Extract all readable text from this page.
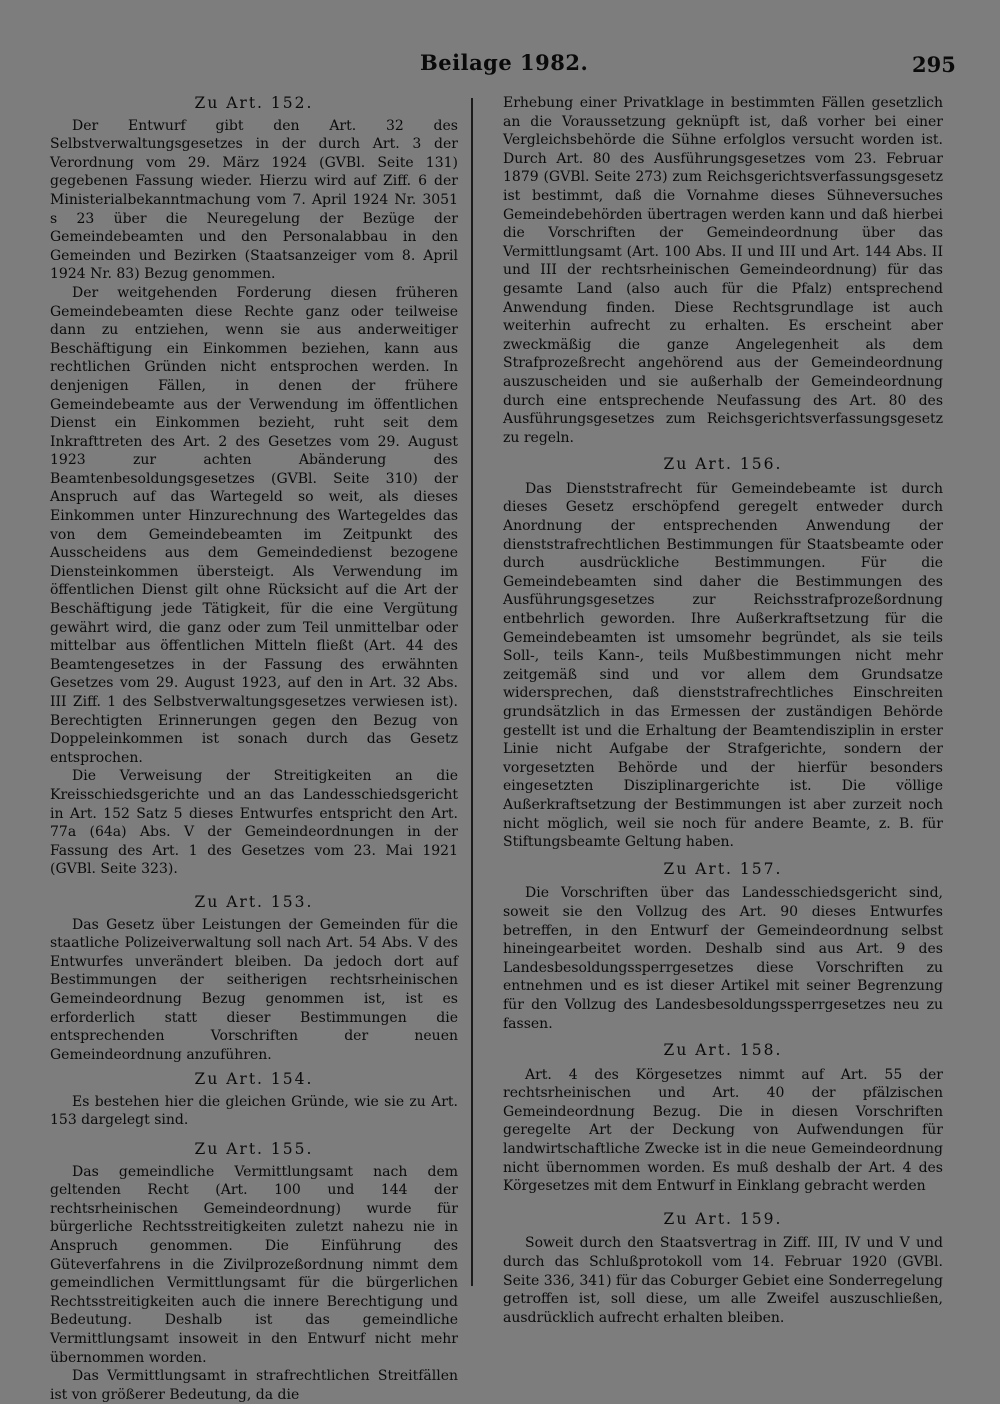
Beilage 1982.	295
Zu Art. 152.

Der Entwurf gibt den Art. 32 des Selbstverwaltungsgesetzes in der durch Art. 3 der Verordnung vom 29. März 1924 (GVBl. Seite 131) gegebenen Fassung wieder. Hierzu wird auf Ziff. 6 der Ministerialbekanntmachung vom 7. April 1924 Nr. 3051 s 23 über die Neuregelung der Bezüge der Gemeindebeamten und den Personalabbau in den Gemeinden und Bezirken (Staatsanzeiger vom 8. April 1924 Nr. 83) Bezug genommen.

Der weitgehenden Forderung diesen früheren Gemeindebeamten diese Rechte ganz oder teilweise dann zu entziehen, wenn sie aus anderweitiger Beschäftigung ein Einkommen beziehen, kann aus rechtlichen Gründen nicht entsprochen werden. In denjenigen Fällen, in denen der frühere Gemeindebeamte aus der Verwendung im öffentlichen Dienst ein Einkommen bezieht, ruht seit dem Inkrafttreten des Art. 2 des Gesetzes vom 29. August 1923 zur achten Abänderung des Beamtenbesoldungsgesetzes (GVBl. Seite 310) der Anspruch auf das Wartegeld so weit, als dieses Einkommen unter Hinzurechnung des Wartegeldes das von dem Gemeindebeamten im Zeitpunkt des Ausscheidens aus dem Gemeindedienst bezogene Diensteinkommen übersteigt. Als Verwendung im öffentlichen Dienst gilt ohne Rücksicht auf die Art der Beschäftigung jede Tätigkeit, für die eine Vergütung gewährt wird, die ganz oder zum Teil unmittelbar oder mittelbar aus öffentlichen Mitteln fließt (Art. 44 des Beamtengesetzes in der Fassung des erwähnten Gesetzes vom 29. August 1923, auf den in Art. 32 Abs. III Ziff. 1 des Selbstverwaltungsgesetzes verwiesen ist). Berechtigten Erinnerungen gegen den Bezug von Doppeleinkommen ist sonach durch das Gesetz entsprochen.

Die Verweisung der Streitigkeiten an die Kreisschiedsgerichte und an das Landesschiedsgericht in Art. 152 Satz 5 dieses Entwurfes entspricht den Art. 77a (64a) Abs. V der Gemeindeordnungen in der Fassung des Art. 1 des Gesetzes vom 23. Mai 1921 (GVBl. Seite 323).

Zu Art. 153.

Das Gesetz über Leistungen der Gemeinden für die staatliche Polizeiverwaltung soll nach Art. 54 Abs. V des Entwurfes unverändert bleiben. Da jedoch dort auf Bestimmungen der seitherigen rechtsrheinischen Gemeindeordnung Bezug genommen ist, ist es erforderlich statt dieser Bestimmungen die entsprechenden Vorschriften der neuen Gemeindeordnung anzuführen.

Zu Art. 154.

Es bestehen hier die gleichen Gründe, wie sie zu Art. 153 dargelegt sind.

Zu Art. 155.

Das gemeindliche Vermittlungsamt nach dem geltenden Recht (Art. 100 und 144 der rechtsrheinischen Gemeindeordnung) wurde für bürgerliche Rechtsstreitigkeiten zuletzt nahezu nie in Anspruch genommen. Die Einführung des Güteverfahrens in die Zivilprozeßordnung nimmt dem gemeindlichen Vermittlungsamt für die bürgerlichen Rechtsstreitigkeiten auch die innere Berechtigung und Bedeutung. Deshalb ist das gemeindliche Vermittlungsamt insoweit in den Entwurf nicht mehr übernommen worden.

Das Vermittlungsamt in strafrechtlichen Streitfällen ist von größerer Bedeutung, da die

Erhebung einer Privatklage in bestimmten Fällen gesetzlich an die Voraussetzung geknüpft ist, daß vorher bei einer Vergleichsbehörde die Sühne erfolglos versucht worden ist. Durch Art. 80 des Ausführungsgesetzes vom 23. Februar 1879 (GVBl. Seite 273) zum Reichsgerichtsverfassungsgesetz ist bestimmt, daß die Vornahme dieses Sühneversuches Gemeindebehörden übertragen werden kann und daß hierbei die Vorschriften der Gemeindeordnung über das Vermittlungsamt (Art. 100 Abs. II und III und Art. 144 Abs. II und III der rechtsrheinischen Gemeindeordnung) für das gesamte Land (also auch für die Pfalz) entsprechend Anwendung finden. Diese Rechtsgrundlage ist auch weiterhin aufrecht zu erhalten. Es erscheint aber zweckmäßig die ganze Angelegenheit als dem Strafprozeßrecht angehörend aus der Gemeindeordnung auszuscheiden und sie außerhalb der Gemeindeordnung durch eine entsprechende Neufassung des Art. 80 des Ausführungsgesetzes zum Reichsgerichtsverfassungsgesetz zu regeln.

Zu Art. 156.

Das Dienststrafrecht für Gemeindebeamte ist durch dieses Gesetz erschöpfend geregelt entweder durch Anordnung der entsprechenden Anwendung der dienststrafrechtlichen Bestimmungen für Staatsbeamte oder durch ausdrückliche Bestimmungen. Für die Gemeindebeamten sind daher die Bestimmungen des Ausführungsgesetzes zur Reichsstrafprozeßordnung entbehrlich geworden. Ihre Außerkraftsetzung für die Gemeindebeamten ist umsomehr begründet, als sie teils Soll-, teils Kann-, teils Mußbestimmungen nicht mehr zeitgemäß sind und vor allem dem Grundsatze widersprechen, daß dienststrafrechtliches Einschreiten grundsätzlich in das Ermessen der zuständigen Behörde gestellt ist und die Erhaltung der Beamtendisziplin in erster Linie nicht Aufgabe der Strafgerichte, sondern der vorgesetzten Behörde und der hierfür besonders eingesetzten Disziplinargerichte ist. Die völlige Außerkraftsetzung der Bestimmungen ist aber zurzeit noch nicht möglich, weil sie noch für andere Beamte, z. B. für Stiftungsbeamte Geltung haben.

Zu Art. 157.

Die Vorschriften über das Landesschiedsgericht sind, soweit sie den Vollzug des Art. 90 dieses Entwurfes betreffen, in den Entwurf der Gemeindeordnung selbst hineingearbeitet worden. Deshalb sind aus Art. 9 des Landesbesoldungssperrgesetzes diese Vorschriften zu entnehmen und es ist dieser Artikel mit seiner Begrenzung für den Vollzug des Landesbesoldungssperrgesetzes neu zu fassen.

Zu Art. 158.

Art. 4 des Körgesetzes nimmt auf Art. 55 der rechtsrheinischen und Art. 40 der pfälzischen Gemeindeordnung Bezug. Die in diesen Vorschriften geregelte Art der Deckung von Aufwendungen für landwirtschaftliche Zwecke ist in die neue Gemeindeordnung nicht übernommen worden. Es muß deshalb der Art. 4 des Körgesetzes mit dem Entwurf in Einklang gebracht werden

Zu Art. 159.

Soweit durch den Staatsvertrag in Ziff. III, IV und V und durch das Schlußprotokoll vom 14. Februar 1920 (GVBl. Seite 336, 341) für das Coburger Gebiet eine Sonderregelung getroffen ist, soll diese, um alle Zweifel auszuschließen, ausdrücklich aufrecht erhalten bleiben.
